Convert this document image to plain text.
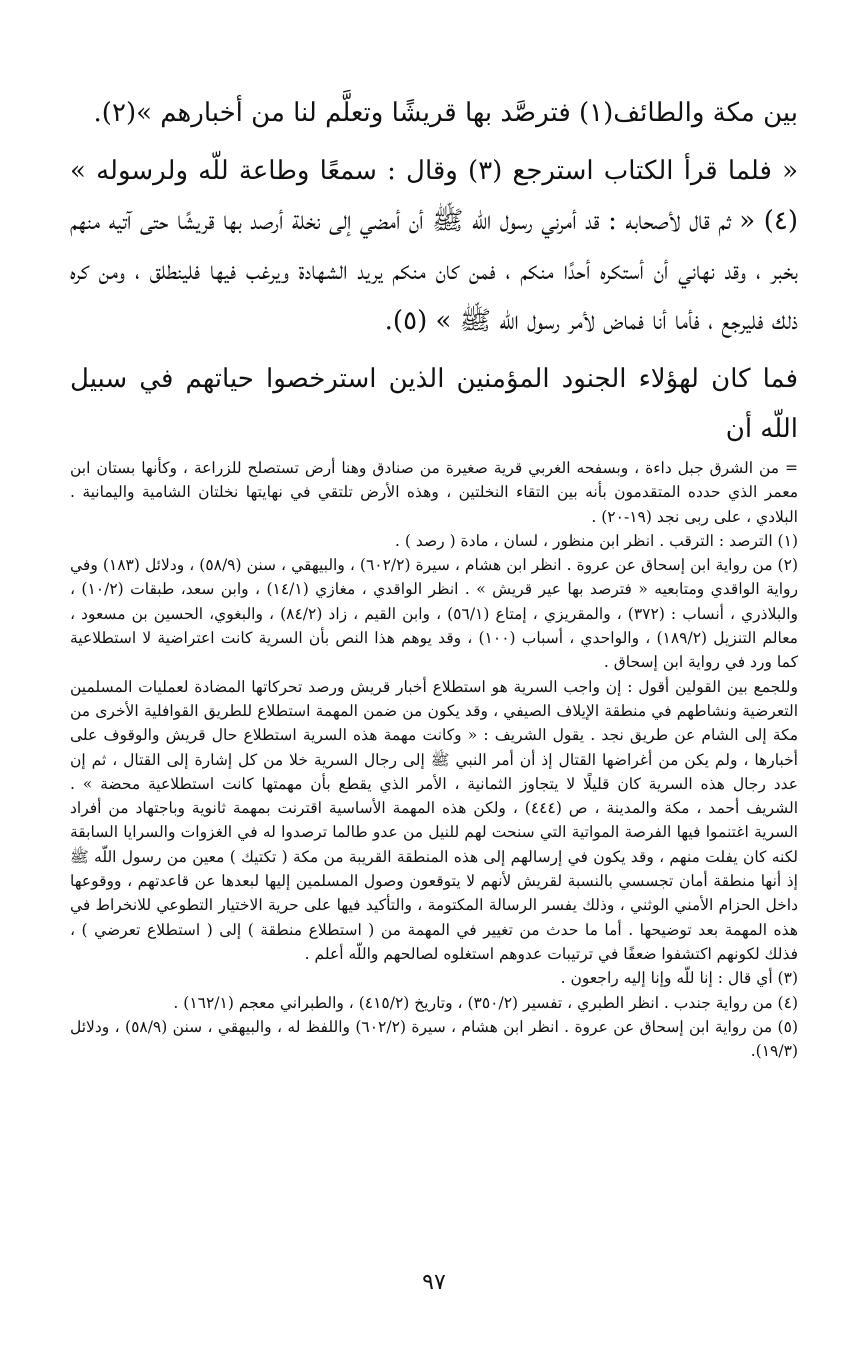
بين مكة والطائف(١) فترصَّد بها قريشًا وتعلَّم لنا من أخبارهم »(٢).

« فلما قرأ الكتاب استرجع (٣) وقال : سمعًا وطاعة للّه ولرسوله » (٤) « ثم قال لأصحابه : قد أمرني رسول اللّه ﷺ أن أمضي إلى نخلة أرصد بها قريشًا حتى آتيه منهم بخبر ، وقد نهاني أن أستكره أحدًا منكم ، فمن كان منكم يريد الشهادة ويرغب فيها فلينطلق ، ومن كره ذلك فليرجع ، فأما أنا فماض لأمر رسول اللّه ﷺ » (٥).

فما كان لهؤلاء الجنود المؤمنين الذين استرخصوا حياتهم في سبيل اللّه أن

= من الشرق جبل داءة ، وبسفحه الغربي قرية صغيرة من صنادق وهنا أرض تستصلح للزراعة ، وكأنها بستان ابن معمر الذي حدده المتقدمون بأنه بين التقاء النخلتين ، وهذه الأرض تلتقي في نهايتها نخلتان الشامية واليمانية . البلادي ، على ربى نجد (١٩-٢٠) .

(١) الترصد : الترقب . انظر ابن منظور ، لسان ، مادة ( رصد ) .

(٢) من رواية ابن إسحاق عن عروة . انظر ابن هشام ، سيرة (٦٠٢/٢) ، والبيهقي ، سنن (٥٨/٩) ، ودلائل (١٨٣) وفي رواية الواقدي ومتابعيه « فترصد بها عير قريش » . انظر الواقدي ، مغازي (١٤/١) ، وابن سعد، طبقات (١٠/٢) ، والبلاذري ، أنساب : (٣٧٢) ، والمقريزي ، إمتاع (٥٦/١) ، وابن القيم ، زاد (٨٤/٢) ، والبغوي، الحسين بن مسعود ، معالم التنزيل (١٨٩/٢) ، والواحدي ، أسباب (١٠٠) ، وقد يوهم هذا النص بأن السرية كانت اعتراضية لا استطلاعية كما ورد في رواية ابن إسحاق .

وللجمع بين القولين أقول : إن واجب السرية هو استطلاع أخبار قريش ورصد تحركاتها المضادة لعمليات المسلمين التعرضية ونشاطهم في منطقة الإيلاف الصيفي ، وقد يكون من ضمن المهمة استطلاع للطريق القوافلية الأخرى من مكة إلى الشام عن طريق نجد . يقول الشريف : « وكانت مهمة هذه السرية استطلاع حال قريش والوقوف على أخبارها ، ولم يكن من أغراضها القتال إذ أن أمر النبي ﷺ إلى رجال السرية خلا من كل إشارة إلى القتال ، ثم إن عدد رجال هذه السرية كان قليلًا لا يتجاوز الثمانية ، الأمر الذي يقطع بأن مهمتها كانت استطلاعية محضة » . الشريف أحمد ، مكة والمدينة ، ص (٤٤٤) ، ولكن هذه المهمة الأساسية اقترنت بمهمة ثانوية وباجتهاد من أفراد السرية اغتنموا فيها الفرصة المواتية التي سنحت لهم للنيل من عدو طالما ترصدوا له في الغزوات والسرايا السابقة لكنه كان يفلت منهم ، وقد يكون في إرسالهم إلى هذه المنطقة القريبة من مكة ( تكتيك ) معين من رسول اللّه ﷺ إذ أنها منطقة أمان تجسسي بالنسبة لقريش لأنهم لا يتوقعون وصول المسلمين إليها لبعدها عن قاعدتهم ، ووقوعها داخل الحزام الأمني الوثني ، وذلك يفسر الرسالة المكتومة ، والتأكيد فيها على حرية الاختيار التطوعي للانخراط في هذه المهمة بعد توضيحها . أما ما حدث من تغيير في المهمة من ( استطلاع منطقة ) إلى ( استطلاع تعرضي ) ، فذلك لكونهم اكتشفوا ضعفًا في ترتيبات عدوهم استغلوه لصالحهم واللّه أعلم .

(٣) أي قال : إنا للّه وإنا إليه راجعون .

(٤) من رواية جندب . انظر الطبري ، تفسير (٣٥٠/٢) ، وتاريخ (٤١٥/٢) ، والطبراني معجم (١٦٢/١) .

(٥) من رواية ابن إسحاق عن عروة . انظر ابن هشام ، سيرة (٦٠٢/٢) واللفظ له ، والبيهقي ، سنن (٥٨/٩) ، ودلائل (١٩/٣).

٩٧
